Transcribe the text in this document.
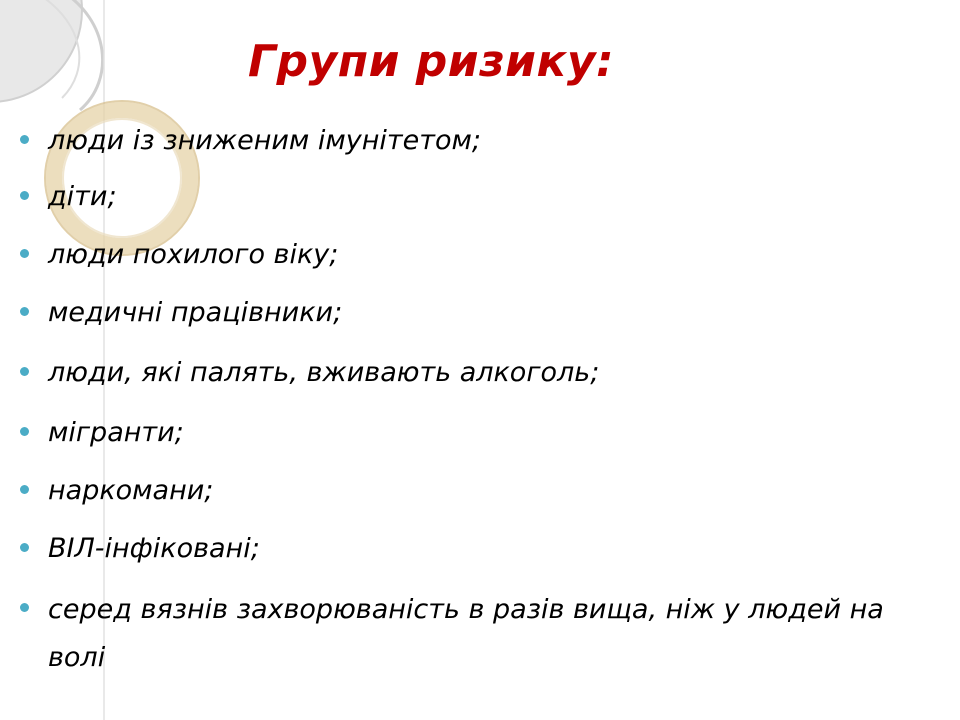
Групи ризику:
люди із зниженим імунітетом;
діти;
люди похилого віку;
медичні працівники;
люди, які палять, вживають алкоголь;
мігранти;
наркомани;
ВІЛ-інфіковані;
серед вязнів захворюваність в разів вища, ніж у людей на волі
